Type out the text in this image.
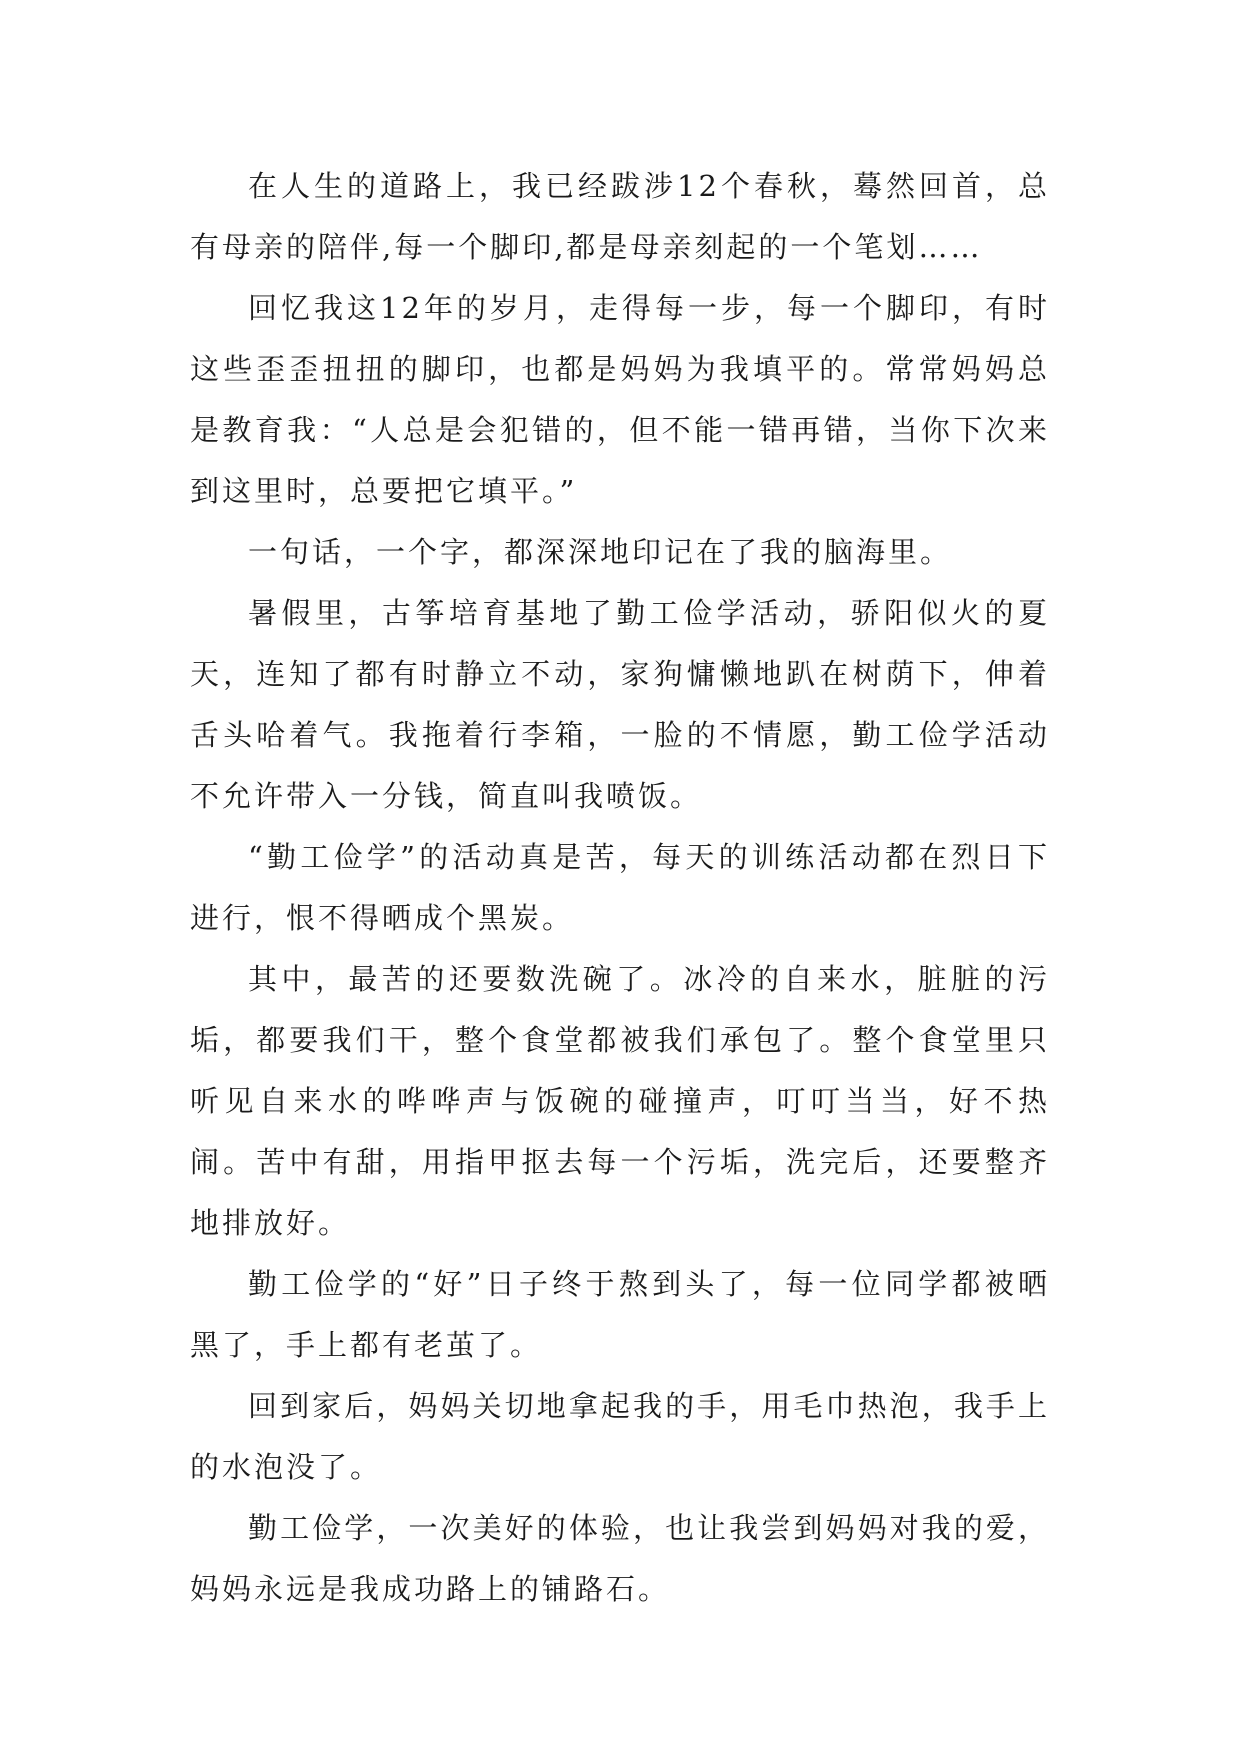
在人生的道路上，我已经跋涉12个春秋，蓦然回首，总有母亲的陪伴,每一个脚印,都是母亲刻起的一个笔划……

回忆我这12年的岁月，走得每一步，每一个脚印，有时这些歪歪扭扭的脚印，也都是妈妈为我填平的。常常妈妈总是教育我：“人总是会犯错的，但不能一错再错，当你下次来到这里时，总要把它填平。”

一句话，一个字，都深深地印记在了我的脑海里。

暑假里，古筝培育基地了勤工俭学活动，骄阳似火的夏天，连知了都有时静立不动，家狗慵懒地趴在树荫下，伸着舌头哈着气。我拖着行李箱，一脸的不情愿，勤工俭学活动不允许带入一分钱，简直叫我喷饭。

“勤工俭学”的活动真是苦，每天的训练活动都在烈日下进行，恨不得晒成个黑炭。

其中，最苦的还要数洗碗了。冰冷的自来水，脏脏的污垢，都要我们干，整个食堂都被我们承包了。整个食堂里只听见自来水的哗哗声与饭碗的碰撞声，叮叮当当，好不热闹。苦中有甜，用指甲抠去每一个污垢，洗完后，还要整齐地排放好。

勤工俭学的“好”日子终于熬到头了，每一位同学都被晒黑了，手上都有老茧了。

回到家后，妈妈关切地拿起我的手，用毛巾热泡，我手上的水泡没了。

勤工俭学，一次美好的体验，也让我尝到妈妈对我的爱，妈妈永远是我成功路上的铺路石。
